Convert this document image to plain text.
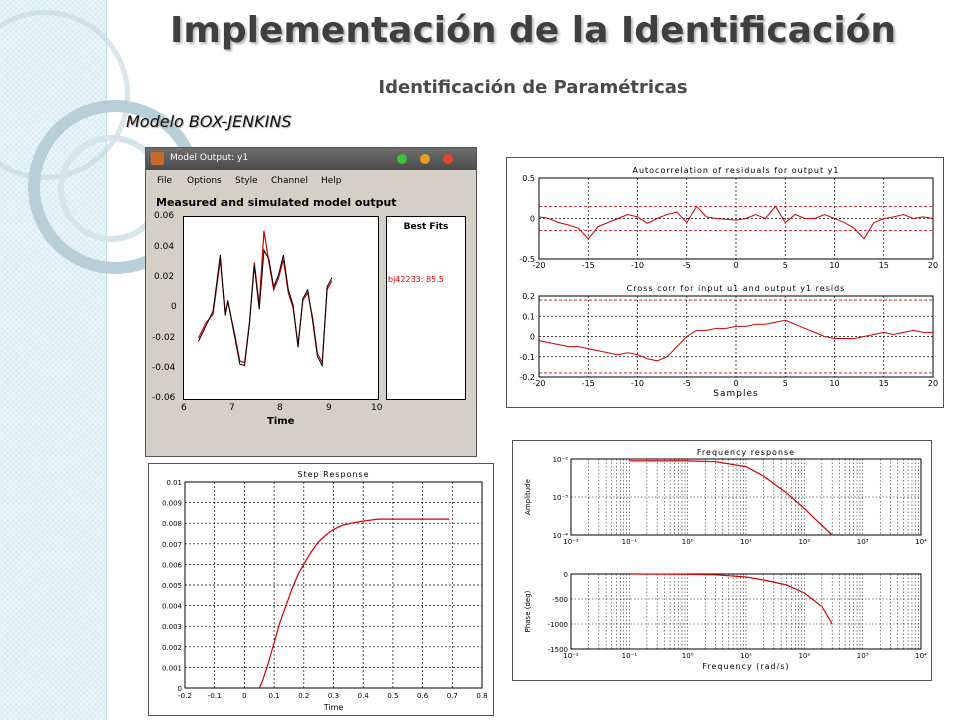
Implementación de la Identificación
Identificación de Paramétricas
Modelo BOX-JENKINS
Model Output: y1
File Options Style Channel Help
Measured and simulated model output
0.06
0.04
0.02
0
-0.02
-0.04
-0.06
6	7	8	9	10
Time
Best Fits
bj42233: 85.5
Autocorrelation of residuals for output y1
-20	-15	-10	-5	0	5	10	15	20
0.5
0
-0.5
Cross corr for input u1 and output y1 resids
-20	-15	-10	-5	0	5	10	15	20
0.2
0.1
0
-0.1
-0.2
Samples
Step Response
-0.2 -0.1	0	0.1	0.2	0.3	0.4	0.5	0.6	0.7	0.8
0.01
0.009
0.008
0.007
0.006
0.005
0.004
0.003
0.002
0.001
0
Time
10⁻²	10⁻¹	10⁰	10¹	10²	10³	10⁴
10⁻²
10⁻³
10⁻⁴
Amplitude
Frequency response
10⁻²	10⁻¹	10⁰	10¹	10²	10³	10⁴
0
-500
-1000
-1500
Phase (deg)
Frequency (rad/s)
